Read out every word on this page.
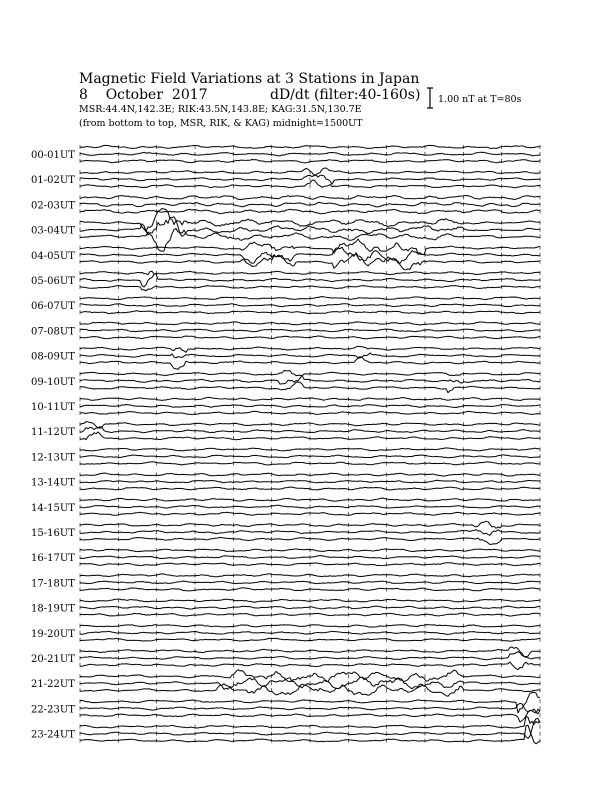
Magnetic Field Variations at 3 Stations in Japan
8    October  2017	dD/dt (filter:40-160s)
MSR:44.4N,142.3E; RIK:43.5N,143.8E; KAG:31.5N,130.7E
(from bottom to top, MSR, RIK, & KAG) midnight=1500UT
1.00 nT at T=80s
00-01UT
01-02UT
02-03UT
03-04UT
04-05UT
05-06UT
06-07UT
07-08UT
08-09UT
09-10UT
10-11UT
11-12UT
12-13UT
13-14UT
14-15UT
15-16UT
16-17UT
17-18UT
18-19UT
19-20UT
20-21UT
21-22UT
22-23UT
23-24UT
